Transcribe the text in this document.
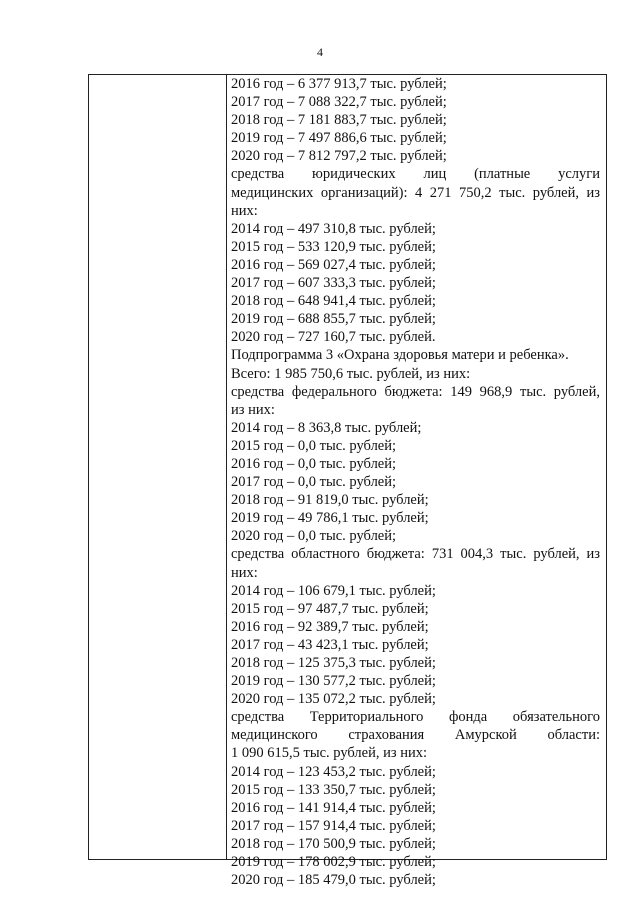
4
2016 год – 6 377 913,7 тыс. рублей;
2017 год – 7 088 322,7 тыс. рублей;
2018 год – 7 181 883,7 тыс. рублей;
2019 год – 7 497 886,6 тыс. рублей;
2020 год – 7 812 797,2 тыс. рублей;
средства юридических лиц (платные услуги
медицинских организаций): 4 271 750,2 тыс. рублей, из
них:
2014 год – 497 310,8 тыс. рублей;
2015 год – 533 120,9 тыс. рублей;
2016 год – 569 027,4 тыс. рублей;
2017 год – 607 333,3 тыс. рублей;
2018 год – 648 941,4 тыс. рублей;
2019 год – 688 855,7 тыс. рублей;
2020 год – 727 160,7 тыс. рублей.
Подпрограмма 3 «Охрана здоровья матери и ребенка».
Всего: 1 985 750,6 тыс. рублей, из них:
средства федерального бюджета: 149 968,9 тыс. рублей,
из них:
2014 год – 8 363,8 тыс. рублей;
2015 год – 0,0 тыс. рублей;
2016 год – 0,0 тыс. рублей;
2017 год – 0,0 тыс. рублей;
2018 год – 91 819,0 тыс. рублей;
2019 год – 49 786,1 тыс. рублей;
2020 год – 0,0 тыс. рублей;
средства областного бюджета: 731 004,3 тыс. рублей, из
них:
2014 год – 106 679,1 тыс. рублей;
2015 год – 97 487,7 тыс. рублей;
2016 год – 92 389,7 тыс. рублей;
2017 год – 43 423,1 тыс. рублей;
2018 год – 125 375,3 тыс. рублей;
2019 год – 130 577,2 тыс. рублей;
2020 год – 135 072,2 тыс. рублей;
средства Территориального фонда обязательного
медицинского страхования Амурской области:
1 090 615,5 тыс. рублей, из них:
2014 год – 123 453,2 тыс. рублей;
2015 год – 133 350,7 тыс. рублей;
2016 год – 141 914,4 тыс. рублей;
2017 год – 157 914,4 тыс. рублей;
2018 год – 170 500,9 тыс. рублей;
2019 год – 178 002,9 тыс. рублей;
2020 год – 185 479,0 тыс. рублей;
